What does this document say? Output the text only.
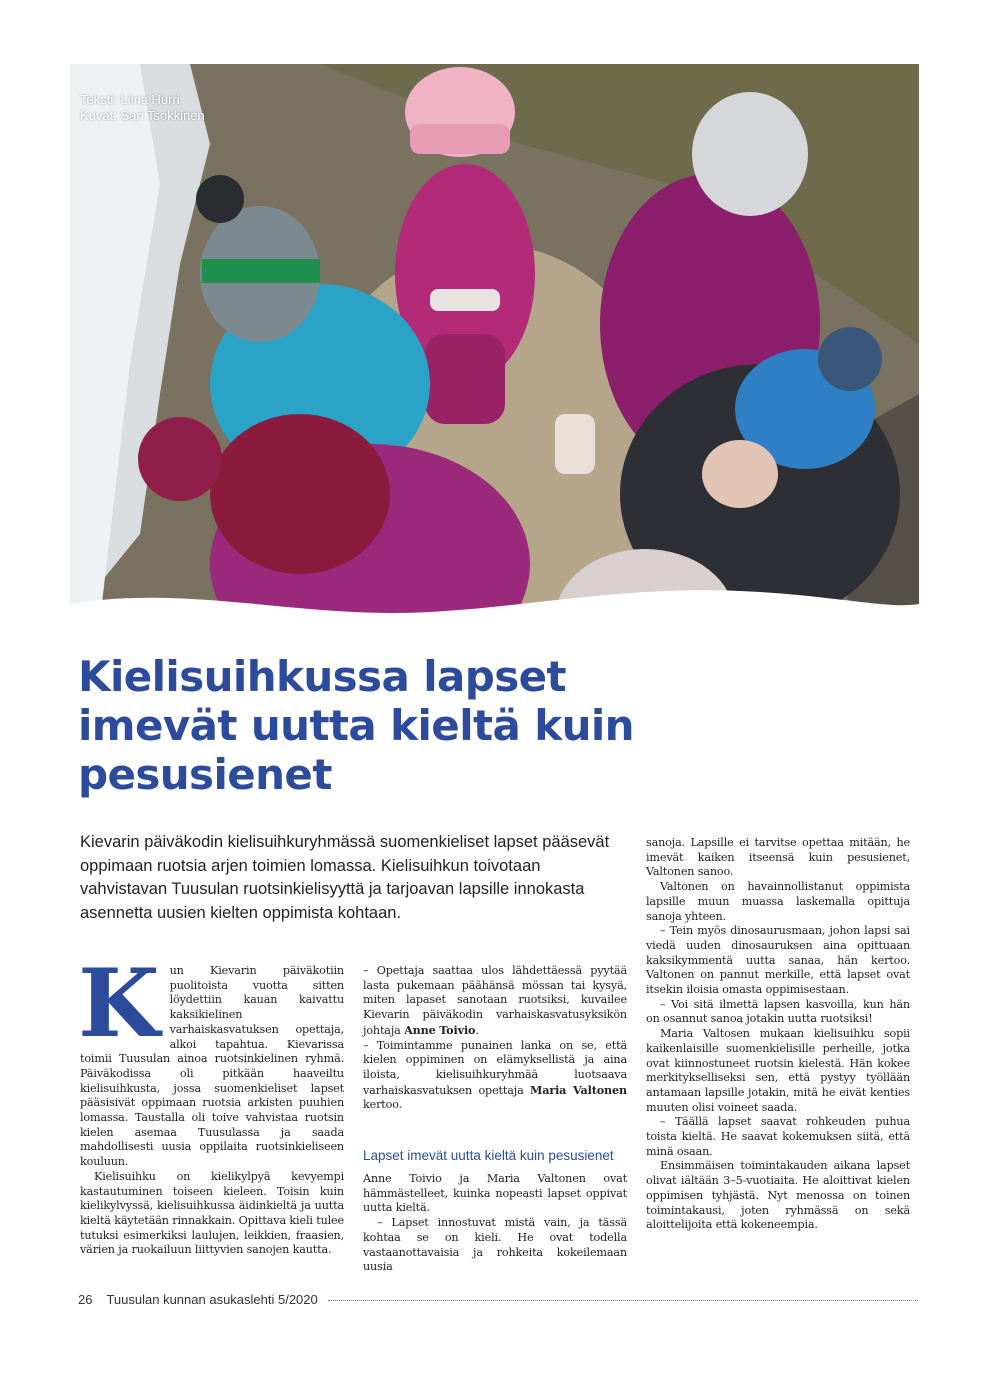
Teksti: Liina Hurri
Kuvat: Sari Tsokkinen
Kielisuihkussa lapset imevät uutta kieltä kuin pesusienet

Kievarin päiväkodin kielisuihkuryhmässä suomenkieliset lapset pääsevät oppimaan ruotsia arjen toimien lomassa. Kielisuihkun toivotaan vahvistavan Tuusulan ruotsinkielisyyttä ja tarjoavan lapsille innokasta asennetta uusien kielten oppimista kohtaan.

Kun Kievarin päiväkotiin puolitoista vuotta sitten löydettiin kauan kaivattu kaksikielinen varhaiskasvatuksen opettaja, alkoi tapahtua. Kievarissa toimii Tuusulan ainoa ruotsinkielinen ryhmä. Päiväkodissa oli pitkään haaveiltu kielisuihkusta, jossa suomenkieliset lapset pääsisivät oppimaan ruotsia arkisten puuhien lomassa. Taustalla oli toive vahvistaa ruotsin kielen asemaa Tuusulassa ja saada mahdollisesti uusia oppilaita ruotsinkieliseen kouluun.

Kielisuihku on kielikylpyä kevyempi kastautuminen toiseen kieleen. Toisin kuin kielikylvyssä, kielisuihkussa äidinkieltä ja uutta kieltä käytetään rinnakkain. Opittava kieli tulee tutuksi esimerkiksi laulujen, leikkien, fraasien, värien ja ruokailuun liittyvien sanojen kautta.

– Opettaja saattaa ulos lähdettäessä pyytää lasta pukemaan päähänsä mössan tai kysyä, miten lapaset sanotaan ruotsiksi, kuvailee Kievarin päiväkodin varhaiskasvatusyksikön johtaja Anne Toivio.

– Toimintamme punainen lanka on se, että kielen oppiminen on elämyksellistä ja aina iloista, kielisuihkuryhmää luotsaava varhaiskasvatuksen opettaja Maria Valtonen kertoo.

Lapset imevät uutta kieltä kuin pesusienet

Anne Toivio ja Maria Valtonen ovat hämmästelleet, kuinka nopeasti lapset oppivat uutta kieltä.

– Lapset innostuvat mistä vain, ja tässä kohtaa se on kieli. He ovat todella vastaanottavaisia ja rohkeita kokeilemaan uusia

sanoja. Lapsille ei tarvitse opettaa mitään, he imevät kaiken itseensä kuin pesusienet, Valtonen sanoo.

Valtonen on havainnollistanut oppimista lapsille muun muassa laskemalla opittuja sanoja yhteen.

– Tein myös dinosaurusmaan, johon lapsi sai viedä uuden dinosauruksen aina opittuaan kaksikymmentä uutta sanaa, hän kertoo. Valtonen on pannut merkille, että lapset ovat itsekin iloisia omasta oppimisestaan.

– Voi sitä ilmettä lapsen kasvoilla, kun hän on osannut sanoa jotakin uutta ruotsiksi!

Maria Valtosen mukaan kielisuihku sopii kaikenlaisille suomenkielisille perheille, jotka ovat kiinnostuneet ruotsin kielestä. Hän kokee merkitykselliseksi sen, että pystyy työllään antamaan lapsille jotakin, mitä he eivät kenties muuten olisi voineet saada.

– Täällä lapset saavat rohkeuden puhua toista kieltä. He saavat kokemuksen siitä, että minä osaan.

Ensimmäisen toimintakauden aikana lapset olivat iältään 3–5-vuotiaita. He aloittivat kielen oppimisen tyhjästä. Nyt menossa on toinen toimintakausi, joten ryhmässä on sekä aloittelijoita että kokeneempia.

26 Tuusulan kunnan asukaslehti 5/2020
